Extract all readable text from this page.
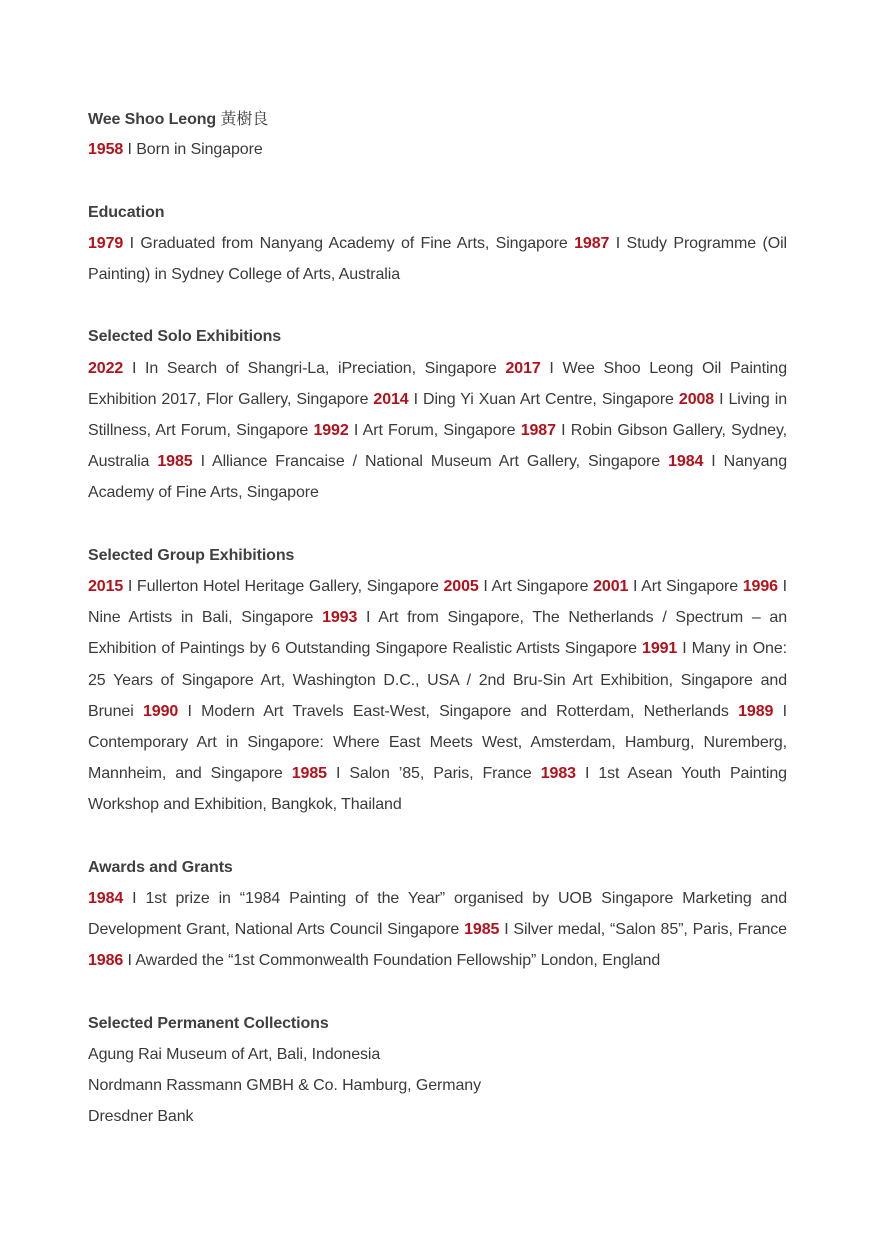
Wee Shoo Leong 黃樹良
1958 I Born in Singapore
Education
1979 I Graduated from Nanyang Academy of Fine Arts, Singapore 1987 I Study Programme (Oil Painting) in Sydney College of Arts, Australia
Selected Solo Exhibitions
2022 I In Search of Shangri-La, iPreciation, Singapore 2017 I Wee Shoo Leong Oil Painting Exhibition 2017, Flor Gallery, Singapore 2014 I Ding Yi Xuan Art Centre, Singapore 2008 I Living in Stillness, Art Forum, Singapore 1992 I Art Forum, Singapore 1987 I Robin Gibson Gallery, Sydney, Australia 1985 I Alliance Francaise / National Museum Art Gallery, Singapore 1984 I Nanyang Academy of Fine Arts, Singapore
Selected Group Exhibitions
2015 I Fullerton Hotel Heritage Gallery, Singapore 2005 I Art Singapore 2001 I Art Singapore 1996 I Nine Artists in Bali, Singapore 1993 I Art from Singapore, The Netherlands / Spectrum – an Exhibition of Paintings by 6 Outstanding Singapore Realistic Artists Singapore 1991 I Many in One: 25 Years of Singapore Art, Washington D.C., USA / 2nd Bru-Sin Art Exhibition, Singapore and Brunei 1990 I Modern Art Travels East-West, Singapore and Rotterdam, Netherlands 1989 I Contemporary Art in Singapore: Where East Meets West, Amsterdam, Hamburg, Nuremberg, Mannheim, and Singapore 1985 I Salon ’85, Paris, France 1983 I 1st Asean Youth Painting Workshop and Exhibition, Bangkok, Thailand
Awards and Grants
1984 I 1st prize in “1984 Painting of the Year” organised by UOB Singapore Marketing and Development Grant, National Arts Council Singapore 1985 I Silver medal, “Salon 85”, Paris, France 1986 I Awarded the “1st Commonwealth Foundation Fellowship” London, England
Selected Permanent Collections
Agung Rai Museum of Art, Bali, Indonesia
Nordmann Rassmann GMBH & Co. Hamburg, Germany
Dresdner Bank
